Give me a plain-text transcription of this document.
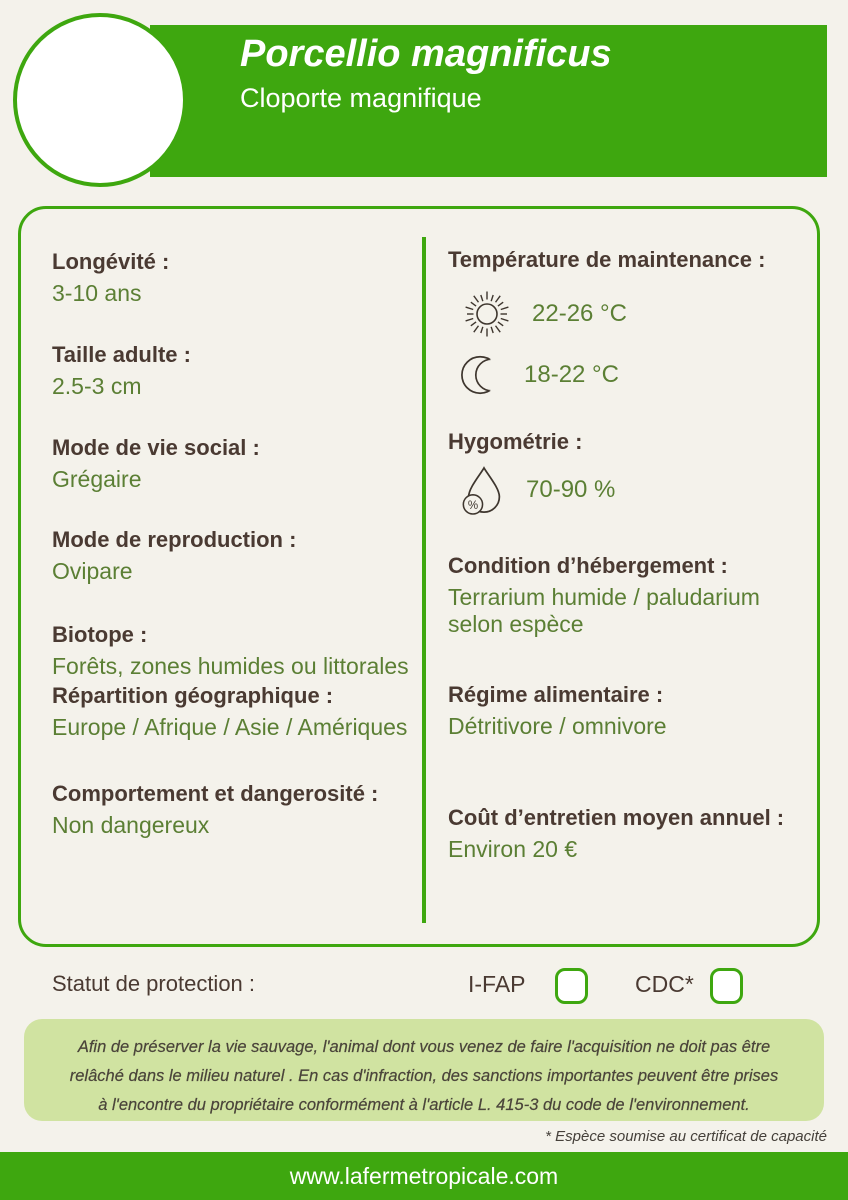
Porcellio magnificus
Cloporte magnifique
Longévité :
3-10 ans
Taille adulte :
2.5-3 cm
Mode de vie social :
Grégaire
Mode de reproduction :
Ovipare
Biotope :
Forêts, zones humides ou littorales
Répartition géographique :
Europe / Afrique / Asie / Amériques
Comportement et dangerosité :
Non dangereux
Température de maintenance :
22-26 °C
18-22 °C
Hygométrie :
%
70-90 %
Condition d’hébergement :
Terrarium humide / paludarium selon espèce
Régime alimentaire :
Détritivore / omnivore
Coût d’entretien moyen annuel :
Environ 20 €
Statut de protection :	I-FAP	CDC*
Afin de préserver la vie sauvage, l'animal dont vous venez de faire l'acquisition ne doit pas être
relâché dans le milieu naturel . En cas d'infraction, des sanctions importantes peuvent être prises
à l'encontre du propriétaire conformément à l'article L. 415-3 du code de l'environnement.
* Espèce soumise au certificat de capacité
www.lafermetropicale.com
